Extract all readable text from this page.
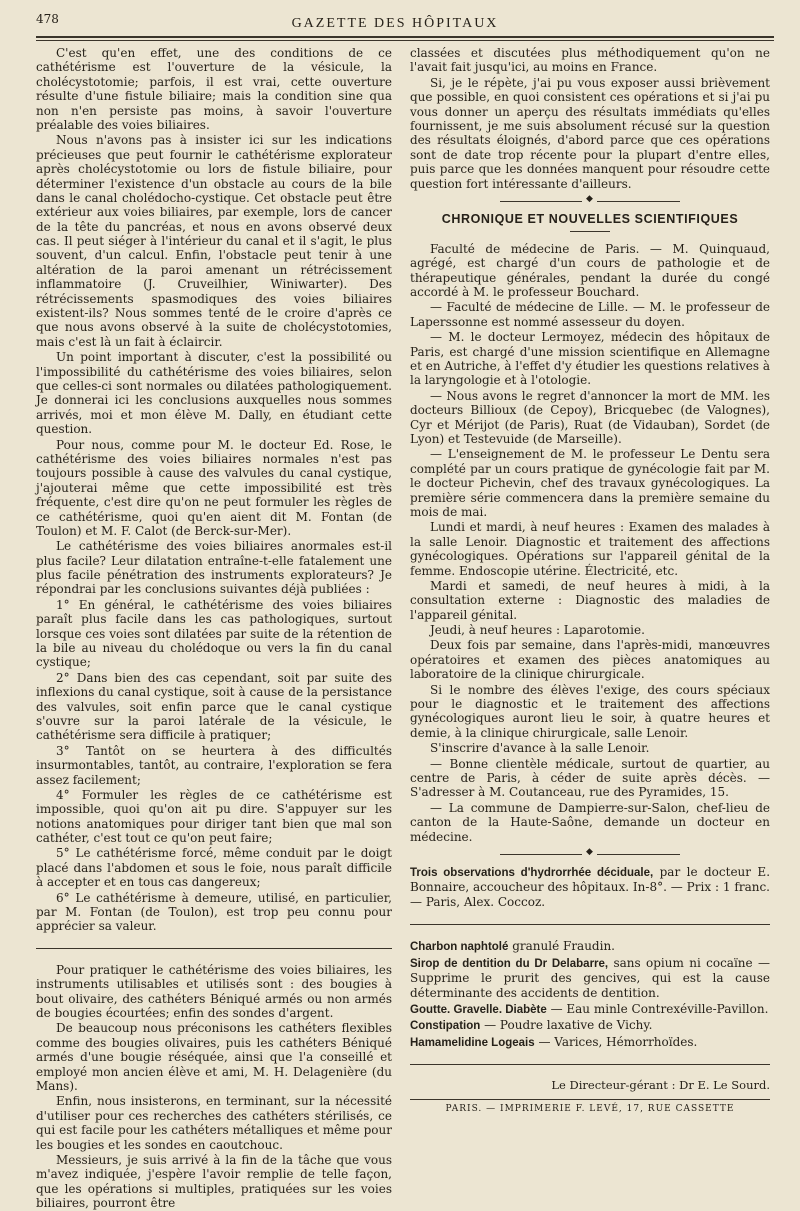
478	GAZETTE DES HÔPITAUX

C'est qu'en effet, une des conditions de ce cathétérisme est l'ouverture de la vésicule, la cholécystotomie; parfois, il est vrai, cette ouverture résulte d'une fistule biliaire; mais la condition sine qua non n'en persiste pas moins, à savoir l'ouverture préalable des voies biliaires.

Nous n'avons pas à insister ici sur les indications précieuses que peut fournir le cathétérisme explorateur après cholécystotomie ou lors de fistule biliaire, pour déterminer l'existence d'un obstacle au cours de la bile dans le canal cholédocho-cystique. Cet obstacle peut être extérieur aux voies biliaires, par exemple, lors de cancer de la tête du pancréas, et nous en avons observé deux cas. Il peut siéger à l'intérieur du canal et il s'agit, le plus souvent, d'un calcul. Enfin, l'obstacle peut tenir à une altération de la paroi amenant un rétrécissement inflammatoire (J. Cruveilhier, Winiwarter). Des rétrécissements spasmodiques des voies biliaires existent-ils? Nous sommes tenté de le croire d'après ce que nous avons observé à la suite de cholécystotomies, mais c'est là un fait à éclaircir.

Un point important à discuter, c'est la possibilité ou l'impossibilité du cathétérisme des voies biliaires, selon que celles-ci sont normales ou dilatées pathologiquement. Je donnerai ici les conclusions auxquelles nous sommes arrivés, moi et mon élève M. Dally, en étudiant cette question.

Pour nous, comme pour M. le docteur Ed. Rose, le cathétérisme des voies biliaires normales n'est pas toujours possible à cause des valvules du canal cystique, j'ajouterai même que cette impossibilité est très fréquente, c'est dire qu'on ne peut formuler les règles de ce cathétérisme, quoi qu'en aient dit M. Fontan (de Toulon) et M. F. Calot (de Berck-sur-Mer).

Le cathétérisme des voies biliaires anormales est-il plus facile? Leur dilatation entraîne-t-elle fatalement une plus facile pénétration des instruments explorateurs? Je répondrai par les conclusions suivantes déjà publiées :

1° En général, le cathétérisme des voies biliaires paraît plus facile dans les cas pathologiques, surtout lorsque ces voies sont dilatées par suite de la rétention de la bile au niveau du cholédoque ou vers la fin du canal cystique;

2° Dans bien des cas cependant, soit par suite des inflexions du canal cystique, soit à cause de la persistance des valvules, soit enfin parce que le canal cystique s'ouvre sur la paroi latérale de la vésicule, le cathétérisme sera difficile à pratiquer;

3° Tantôt on se heurtera à des difficultés insurmontables, tantôt, au contraire, l'exploration se fera assez facilement;

4° Formuler les règles de ce cathétérisme est impossible, quoi qu'on ait pu dire. S'appuyer sur les notions anatomiques pour diriger tant bien que mal son cathéter, c'est tout ce qu'on peut faire;

5° Le cathétérisme forcé, même conduit par le doigt placé dans l'abdomen et sous le foie, nous paraît difficile à accepter et en tous cas dangereux;

6° Le cathétérisme à demeure, utilisé, en particulier, par M. Fontan (de Toulon), est trop peu connu pour apprécier sa valeur.

Pour pratiquer le cathétérisme des voies biliaires, les instruments utilisables et utilisés sont : des bougies à bout olivaire, des cathéters Béniqué armés ou non armés de bougies écourtées; enfin des sondes d'argent.

De beaucoup nous préconisons les cathéters flexibles comme des bougies olivaires, puis les cathéters Béniqué armés d'une bougie réséquée, ainsi que l'a conseillé et employé mon ancien élève et ami, M. H. Delagenière (du Mans).

Enfin, nous insisterons, en terminant, sur la nécessité d'utiliser pour ces recherches des cathéters stérilisés, ce qui est facile pour les cathéters métalliques et même pour les bougies et les sondes en caoutchouc.

Messieurs, je suis arrivé à la fin de la tâche que vous m'avez indiquée, j'espère l'avoir remplie de telle façon, que les opérations si multiples, pratiquées sur les voies biliaires, pourront être

classées et discutées plus méthodiquement qu'on ne l'avait fait jusqu'ici, au moins en France.

Si, je le répète, j'ai pu vous exposer aussi brièvement que possible, en quoi consistent ces opérations et si j'ai pu vous donner un aperçu des résultats immédiats qu'elles fournissent, je me suis absolument récusé sur la question des résultats éloignés, d'abord parce que ces opérations sont de date trop récente pour la plupart d'entre elles, puis parce que les données manquent pour résoudre cette question fort intéressante d'ailleurs.

◆
CHRONIQUE ET NOUVELLES SCIENTIFIQUES

Faculté de médecine de Paris. — M. Quinquaud, agrégé, est chargé d'un cours de pathologie et de thérapeutique générales, pendant la durée du congé accordé à M. le professeur Bouchard.

— Faculté de médecine de Lille. — M. le professeur de Laperssonne est nommé assesseur du doyen.

— M. le docteur Lermoyez, médecin des hôpitaux de Paris, est chargé d'une mission scientifique en Allemagne et en Autriche, à l'effet d'y étudier les questions relatives à la laryngologie et à l'otologie.

— Nous avons le regret d'annoncer la mort de MM. les docteurs Billioux (de Cepoy), Bricquebec (de Valognes), Cyr et Mérijot (de Paris), Ruat (de Vidauban), Sordet (de Lyon) et Testevuide (de Marseille).

— L'enseignement de M. le professeur Le Dentu sera complété par un cours pratique de gynécologie fait par M. le docteur Pichevin, chef des travaux gynécologiques. La première série commencera dans la première semaine du mois de mai.

Lundi et mardi, à neuf heures : Examen des malades à la salle Lenoir. Diagnostic et traitement des affections gynécologiques. Opérations sur l'appareil génital de la femme. Endoscopie utérine. Électricité, etc.

Mardi et samedi, de neuf heures à midi, à la consultation externe : Diagnostic des maladies de l'appareil génital.

Jeudi, à neuf heures : Laparotomie.

Deux fois par semaine, dans l'après-midi, manœuvres opératoires et examen des pièces anatomiques au laboratoire de la clinique chirurgicale.

Si le nombre des élèves l'exige, des cours spéciaux pour le diagnostic et le traitement des affections gynécologiques auront lieu le soir, à quatre heures et demie, à la clinique chirurgicale, salle Lenoir.

S'inscrire d'avance à la salle Lenoir.

— Bonne clientèle médicale, surtout de quartier, au centre de Paris, à céder de suite après décès. — S'adresser à M. Coutanceau, rue des Pyramides, 15.

— La commune de Dampierre-sur-Salon, chef-lieu de canton de la Haute-Saône, demande un docteur en médecine.

◆

Trois observations d'hydrorrhée déciduale, par le docteur E. Bonnaire, accoucheur des hôpitaux. In-8°. — Prix : 1 franc. — Paris, Alex. Coccoz.

Charbon naphtolé granulé Fraudin.

Sirop de dentition du Dr Delabarre, sans opium ni cocaïne — Supprime le prurit des gencives, qui est la cause déterminante des accidents de dentition.

Goutte. Gravelle. Diabète — Eau minle Contrexéville-Pavillon.

Constipation — Poudre laxative de Vichy.

Hamamelidine Logeais — Varices, Hémorrhoïdes.

Le Directeur-gérant : Dr E. Le Sourd.
PARIS. — IMPRIMERIE F. LEVÉ, 17, RUE CASSETTE
